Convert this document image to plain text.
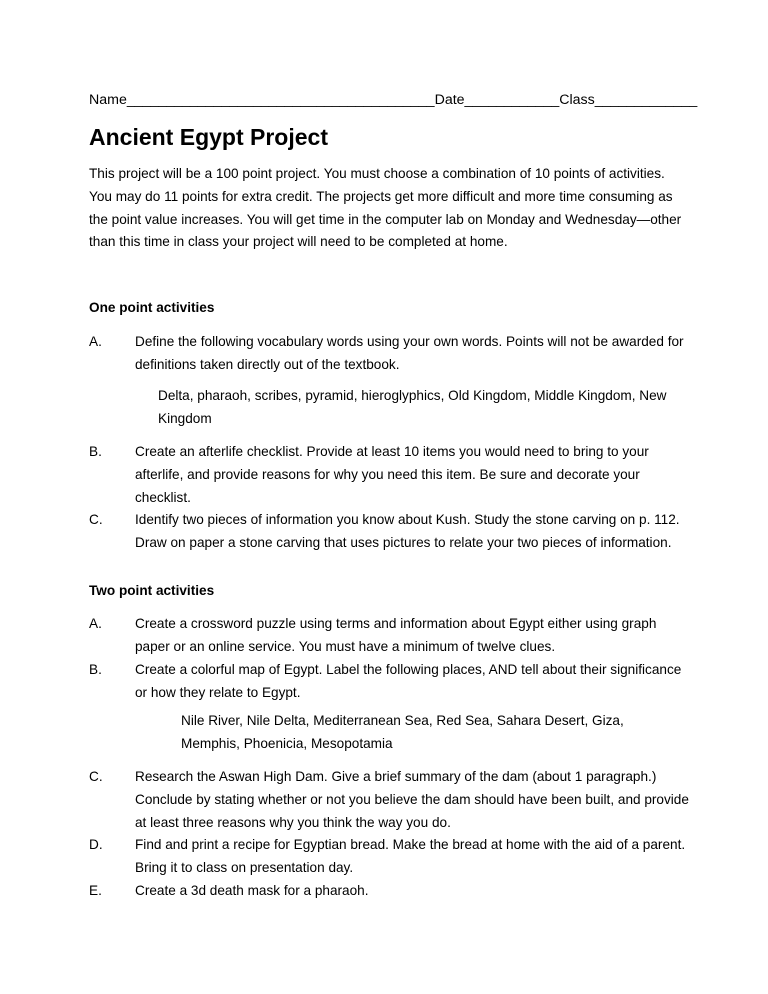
Name_______________________________________Date____________Class_____________
Ancient Egypt Project

This project will be a 100 point project. You must choose a combination of 10 points of activities. You may do 11 points for extra credit. The projects get more difficult and more time consuming as the point value increases. You will get time in the computer lab on Monday and Wednesday—other than this time in class your project will need to be completed at home.

One point activities
A.	Define the following vocabulary words using your own words. Points will not be awarded for definitions taken directly out of the textbook.
Delta, pharaoh, scribes, pyramid, hieroglyphics, Old Kingdom, Middle Kingdom, New Kingdom
B.	Create an afterlife checklist. Provide at least 10 items you would need to bring to your afterlife, and provide reasons for why you need this item. Be sure and decorate your checklist.
C.	Identify two pieces of information you know about Kush. Study the stone carving on p. 112. Draw on paper a stone carving that uses pictures to relate your two pieces of information.
Two point activities
A.	Create a crossword puzzle using terms and information about Egypt either using graph paper or an online service. You must have a minimum of twelve clues.
B.	Create a colorful map of Egypt. Label the following places, AND tell about their significance or how they relate to Egypt.
Nile River, Nile Delta, Mediterranean Sea, Red Sea, Sahara Desert, Giza, Memphis, Phoenicia, Mesopotamia
C.	Research the Aswan High Dam. Give a brief summary of the dam (about 1 paragraph.) Conclude by stating whether or not you believe the dam should have been built, and provide at least three reasons why you think the way you do.
D.	Find and print a recipe for Egyptian bread. Make the bread at home with the aid of a parent. Bring it to class on presentation day.
E.	Create a 3d death mask for a pharaoh.
